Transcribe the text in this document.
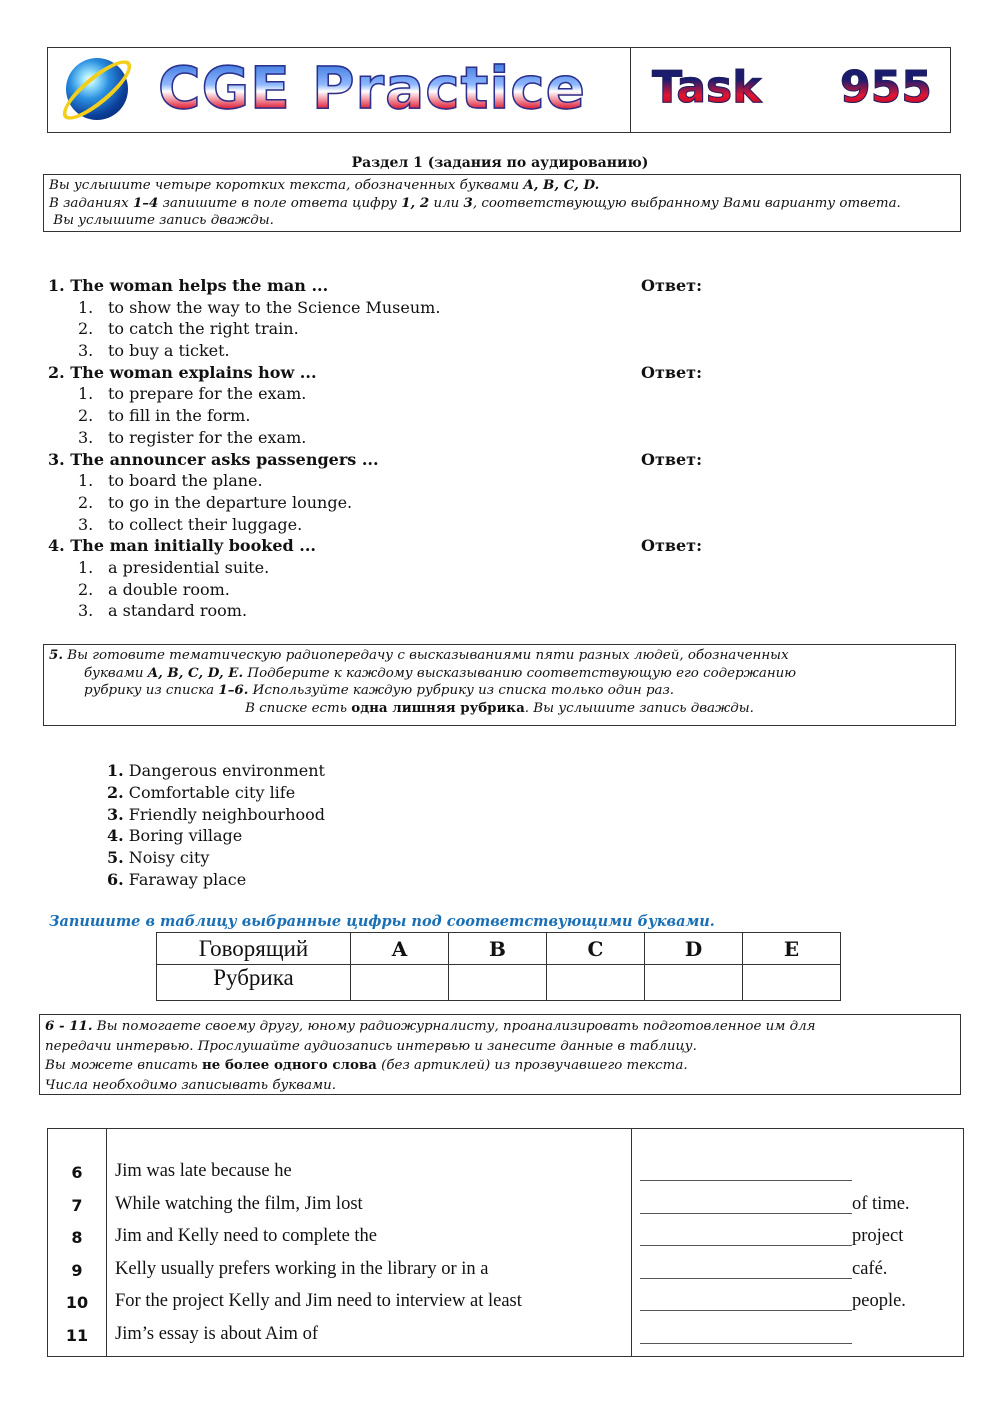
CGE Practice Task 955
Раздел 1 (задания по аудированию)
Вы услышите четыре коротких текста, обозначенных буквами A, B, C, D.
В заданиях 1–4 запишите в поле ответа цифру 1, 2 или 3, соответствующую выбранному Вами варианту ответа.
Вы услышите запись дважды.
1. The woman helps the man ...	Ответ:
1. to show the way to the Science Museum.
2. to catch the right train.
3. to buy a ticket.
2. The woman explains how ...	Ответ:
1. to prepare for the exam.
2. to fill in the form.
3. to register for the exam.
3. The announcer asks passengers ...	Ответ:
1. to board the plane.
2. to go in the departure lounge.
3. to collect their luggage.
4. The man initially booked ...	Ответ:
1. a presidential suite.
2. a double room.
3. a standard room.
5. Вы готовите тематическую радиопередачу с высказываниями пяти разных людей, обозначенных
буквами A, B, C, D, E. Подберите к каждому высказыванию соответствующую его содержанию
рубрику из списка 1–6. Используйте каждую рубрику из списка только один раз.
В списке есть одна лишняя рубрика. Вы услышите запись дважды.
1. Dangerous environment
2. Comfortable city life
3. Friendly neighbourhood
4. Boring village
5. Noisy city
6. Faraway place
Запишите в таблицу выбранные цифры под соответствующими буквами.
Говорящий	A	B	C	D	E
Рубрика					
6 - 11. Вы помогаете своему другу, юному радиожурналисту, проанализировать подготовленное им для
передачи интервью. Прослушайте аудиозапись интервью и занесите данные в таблицу.
Вы можете вписать не более одного слова (без артиклей) из прозвучавшего текста.
Числа необходимо записывать буквами.
6	Jim was late because he
7	While watching the film, Jim lost	of time.
8	Jim and Kelly need to complete the	project
9	Kelly usually prefers working in the library or in a	café.
10	For the project Kelly and Jim need to interview at least	people.
11	Jim’s essay is about Aim of
